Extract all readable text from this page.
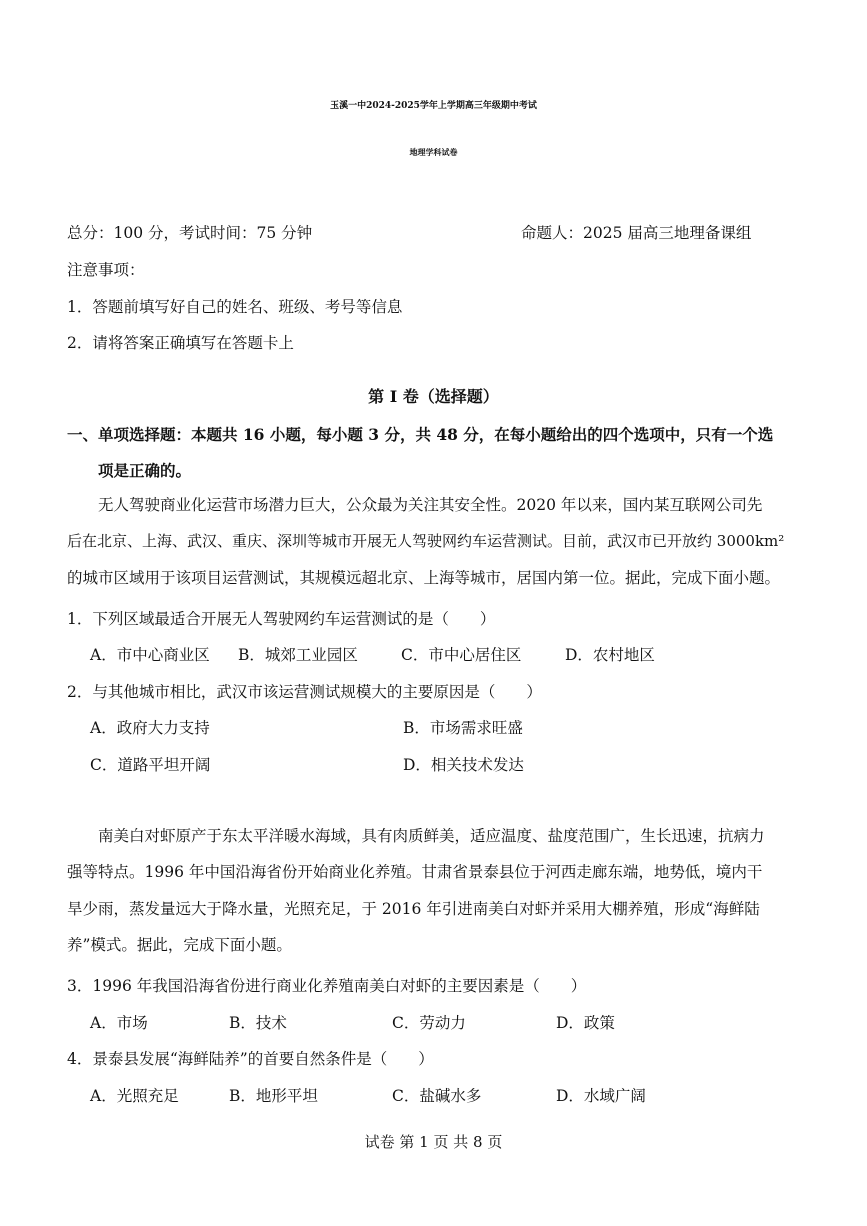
玉溪一中2024-2025学年上学期高三年级期中考试
地理学科试卷
总分：100 分，考试时间：75 分钟	命题人：2025 届高三地理备课组
注意事项：
1．答题前填写好自己的姓名、班级、考号等信息
2．请将答案正确填写在答题卡上
第 I 卷（选择题）
一、单项选择题：本题共 16 小题，每小题 3 分，共 48 分，在每小题给出的四个选项中，只有一个选
项是正确的。
无人驾驶商业化运营市场潜力巨大，公众最为关注其安全性。2020 年以来，国内某互联网公司先
后在北京、上海、武汉、重庆、深圳等城市开展无人驾驶网约车运营测试。目前，武汉市已开放约 3000km²
的城市区域用于该项目运营测试，其规模远超北京、上海等城市，居国内第一位。据此，完成下面小题。
1．下列区域最适合开展无人驾驶网约车运营测试的是（　　）
A．市中心商业区 B．城郊工业园区	C．市中心居住区	D．农村地区
2．与其他城市相比，武汉市该运营测试规模大的主要原因是（　　）
A．政府大力支持	B．市场需求旺盛
C．道路平坦开阔	D．相关技术发达
南美白对虾原产于东太平洋暖水海域，具有肉质鲜美，适应温度、盐度范围广，生长迅速，抗病力
强等特点。1996 年中国沿海省份开始商业化养殖。甘肃省景泰县位于河西走廊东端，地势低，境内干
旱少雨，蒸发量远大于降水量，光照充足，于 2016 年引进南美白对虾并采用大棚养殖，形成“海鲜陆
养”模式。据此，完成下面小题。
3．1996 年我国沿海省份进行商业化养殖南美白对虾的主要因素是（　　）
A．市场	B．技术	C．劳动力	D．政策
4．景泰县发展“海鲜陆养”的首要自然条件是（　　）
A．光照充足	B．地形平坦	C．盐碱水多	D．水域广阔
试卷 第 1 页 共 8 页
